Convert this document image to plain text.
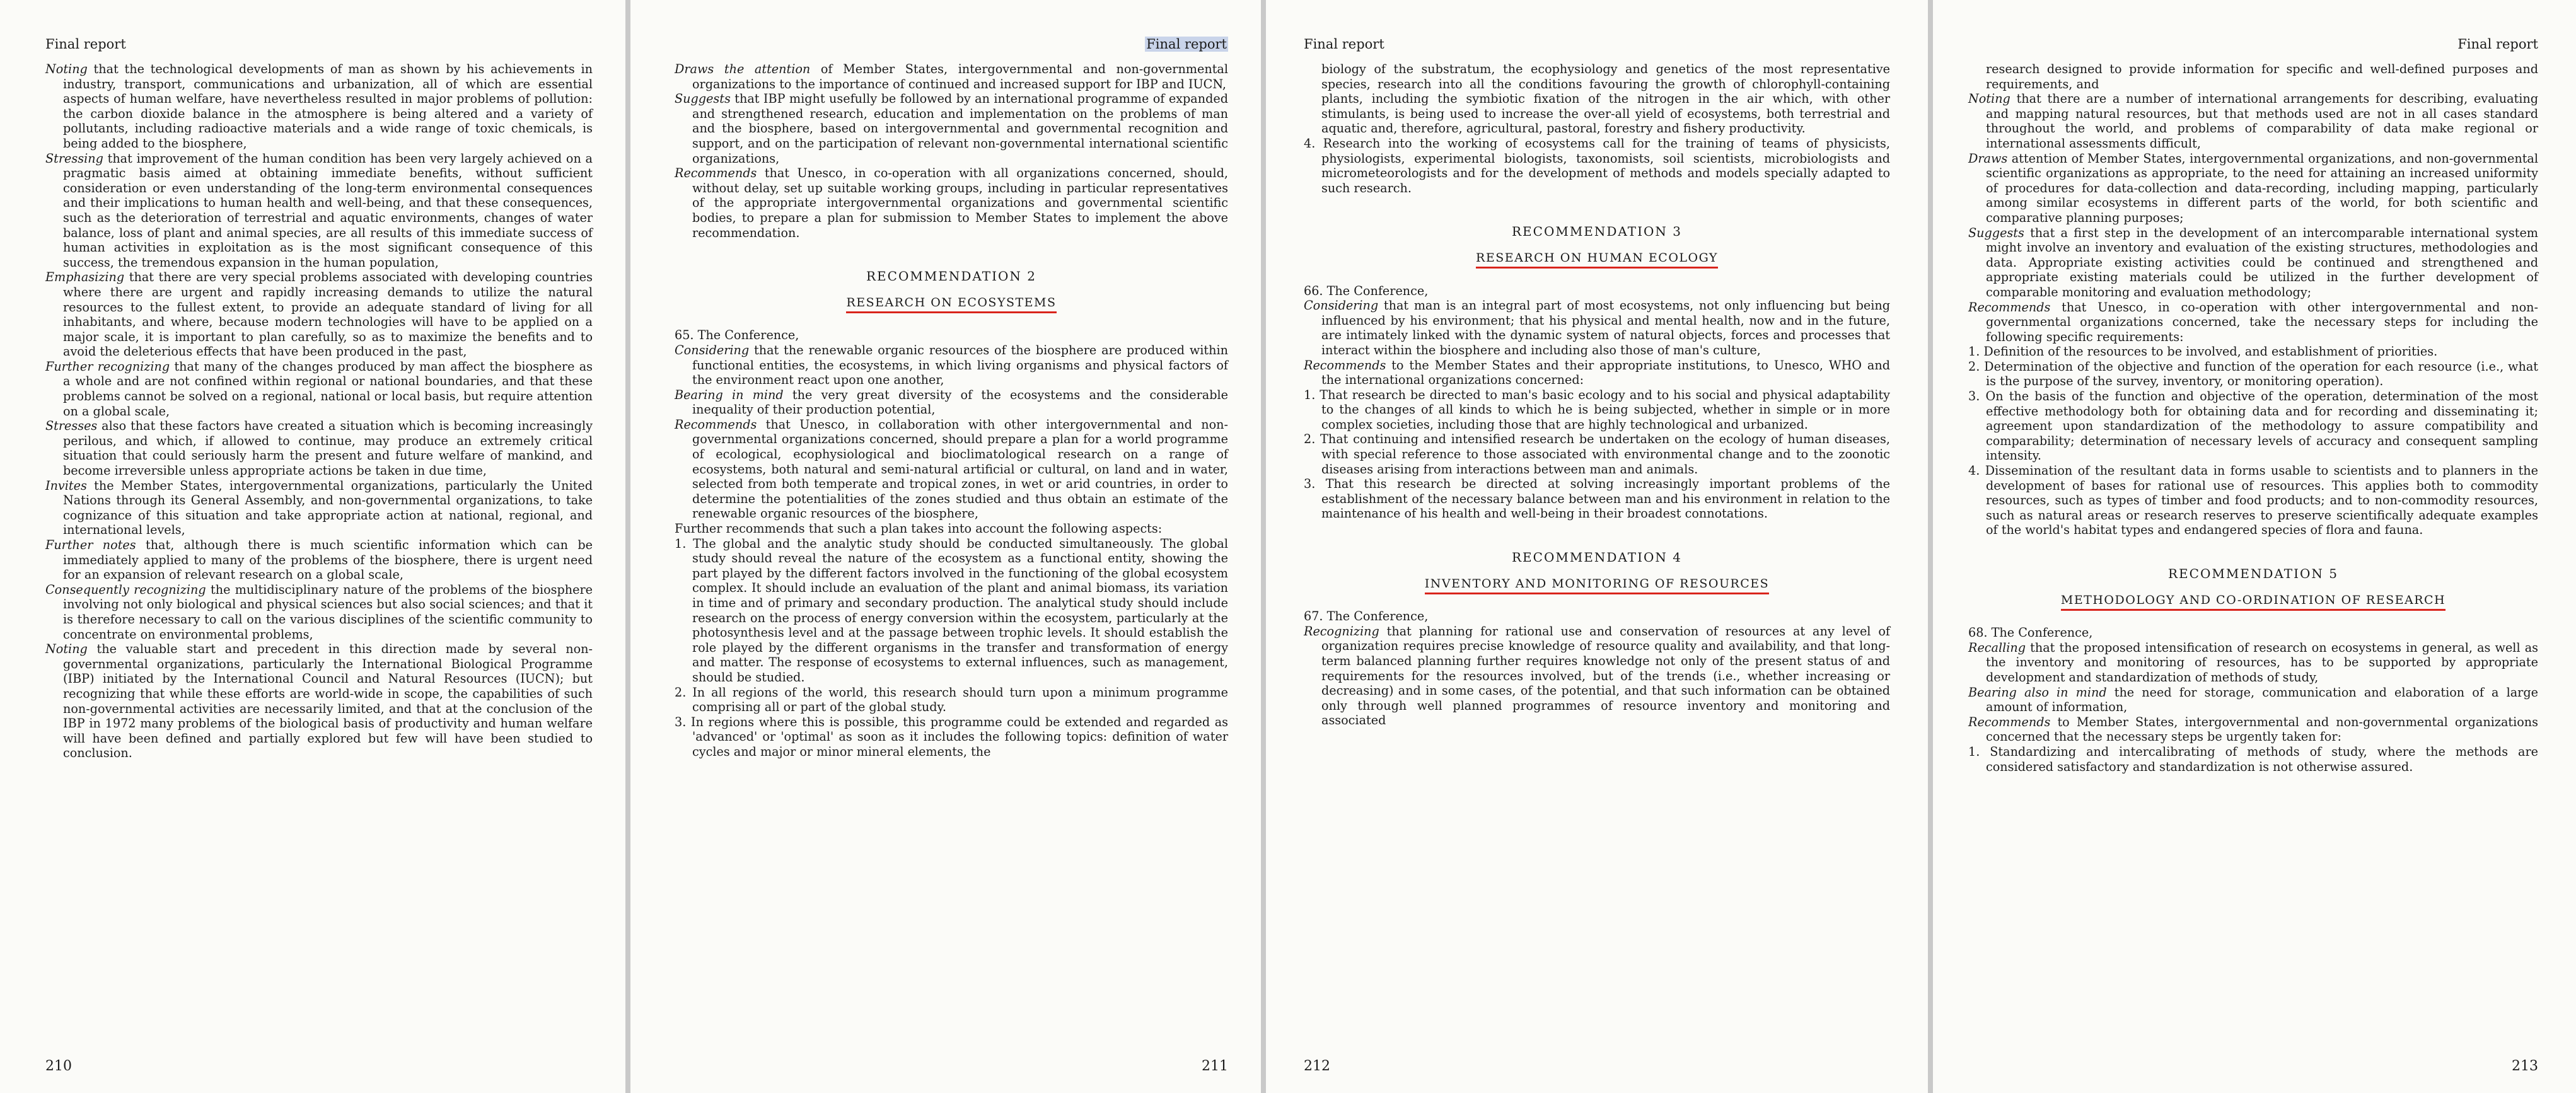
Final report

Noting that the technological developments of man as shown by his achievements in industry, transport, communications and urbanization, all of which are essential aspects of human welfare, have nevertheless resulted in major problems of pollution: the carbon dioxide balance in the atmosphere is being altered and a variety of pollutants, including radioactive materials and a wide range of toxic chemicals, is being added to the biosphere,

Stressing that improvement of the human condition has been very largely achieved on a pragmatic basis aimed at obtaining immediate benefits, without sufficient consideration or even understanding of the long-term environmental consequences and their implications to human health and well-being, and that these consequences, such as the deterioration of terrestrial and aquatic environments, changes of water balance, loss of plant and animal species, are all results of this immediate success of human activities in exploitation as is the most significant consequence of this success, the tremendous expansion in the human population,

Emphasizing that there are very special problems associated with developing countries where there are urgent and rapidly increasing demands to utilize the natural resources to the fullest extent, to provide an adequate standard of living for all inhabitants, and where, because modern technologies will have to be applied on a major scale, it is important to plan carefully, so as to maximize the benefits and to avoid the deleterious effects that have been produced in the past,

Further recognizing that many of the changes produced by man affect the biosphere as a whole and are not confined within regional or national boundaries, and that these problems cannot be solved on a regional, national or local basis, but require attention on a global scale,

Stresses also that these factors have created a situation which is becoming increasingly perilous, and which, if allowed to continue, may produce an extremely critical situation that could seriously harm the present and future welfare of mankind, and become irreversible unless appropriate actions be taken in due time,

Invites the Member States, intergovernmental organizations, particularly the United Nations through its General Assembly, and non-governmental organizations, to take cognizance of this situation and take appropriate action at national, regional, and international levels,

Further notes that, although there is much scientific information which can be immediately applied to many of the problems of the biosphere, there is urgent need for an expansion of relevant research on a global scale,

Consequently recognizing the multidisciplinary nature of the problems of the biosphere involving not only biological and physical sciences but also social sciences; and that it is therefore necessary to call on the various disciplines of the scientific community to concentrate on environmental problems,

Noting the valuable start and precedent in this direction made by several non-governmental organizations, particularly the International Biological Programme (IBP) initiated by the International Council and Natural Resources (IUCN); but recognizing that while these efforts are world-wide in scope, the capabilities of such non-governmental activities are necessarily limited, and that at the conclusion of the IBP in 1972 many problems of the biological basis of productivity and human welfare will have been defined and partially explored but few will have been studied to conclusion.

210
Final report

Draws the attention of Member States, intergovernmental and non-governmental organizations to the importance of continued and increased support for IBP and IUCN,

Suggests that IBP might usefully be followed by an international programme of expanded and strengthened research, education and implementation on the problems of man and the biosphere, based on intergovernmental and governmental recognition and support, and on the participation of relevant non-governmental international scientific organizations,

Recommends that Unesco, in co-operation with all organizations concerned, should, without delay, set up suitable working groups, including in particular representatives of the appropriate intergovernmental organizations and governmental scientific bodies, to prepare a plan for submission to Member States to implement the above recommendation.

RECOMMENDATION 2
RESEARCH ON ECOSYSTEMS

65. The Conference,

Considering that the renewable organic resources of the biosphere are produced within functional entities, the ecosystems, in which living organisms and physical factors of the environment react upon one another,

Bearing in mind the very great diversity of the ecosystems and the considerable inequality of their production potential,

Recommends that Unesco, in collaboration with other intergovernmental and non-governmental organizations concerned, should prepare a plan for a world programme of ecological, ecophysiological and bioclimatological research on a range of ecosystems, both natural and semi-natural artificial or cultural, on land and in water, selected from both temperate and tropical zones, in wet or arid countries, in order to determine the potentialities of the zones studied and thus obtain an estimate of the renewable organic resources of the biosphere,

Further recommends that such a plan takes into account the following aspects:

1. The global and the analytic study should be conducted simultaneously. The global study should reveal the nature of the ecosystem as a functional entity, showing the part played by the different factors involved in the functioning of the global ecosystem complex. It should include an evaluation of the plant and animal biomass, its variation in time and of primary and secondary production. The analytical study should include research on the process of energy conversion within the ecosystem, particularly at the photosynthesis level and at the passage between trophic levels. It should establish the role played by the different organisms in the transfer and transformation of energy and matter. The response of ecosystems to external influences, such as management, should be studied.

2. In all regions of the world, this research should turn upon a minimum programme comprising all or part of the global study.

3. In regions where this is possible, this programme could be extended and regarded as 'advanced' or 'optimal' as soon as it includes the following topics: definition of water cycles and major or minor mineral elements, the

211
Final report

biology of the substratum, the ecophysiology and genetics of the most representative species, research into all the conditions favouring the growth of chlorophyll-containing plants, including the symbiotic fixation of the nitrogen in the air which, with other stimulants, is being used to increase the over-all yield of ecosystems, both terrestrial and aquatic and, therefore, agricultural, pastoral, forestry and fishery productivity.

4. Research into the working of ecosystems call for the training of teams of physicists, physiologists, experimental biologists, taxonomists, soil scientists, microbiologists and micrometeorologists and for the development of methods and models specially adapted to such research.

RECOMMENDATION 3
RESEARCH ON HUMAN ECOLOGY

66. The Conference,

Considering that man is an integral part of most ecosystems, not only influencing but being influenced by his environment; that his physical and mental health, now and in the future, are intimately linked with the dynamic system of natural objects, forces and processes that interact within the biosphere and including also those of man's culture,

Recommends to the Member States and their appropriate institutions, to Unesco, WHO and the international organizations concerned:

1. That research be directed to man's basic ecology and to his social and physical adaptability to the changes of all kinds to which he is being subjected, whether in simple or in more complex societies, including those that are highly technological and urbanized.

2. That continuing and intensified research be undertaken on the ecology of human diseases, with special reference to those associated with environmental change and to the zoonotic diseases arising from interactions between man and animals.

3. That this research be directed at solving increasingly important problems of the establishment of the necessary balance between man and his environment in relation to the maintenance of his health and well-being in their broadest connotations.

RECOMMENDATION 4
INVENTORY AND MONITORING OF RESOURCES

67. The Conference,

Recognizing that planning for rational use and conservation of resources at any level of organization requires precise knowledge of resource quality and availability, and that long-term balanced planning further requires knowledge not only of the present status of and requirements for the resources involved, but of the trends (i.e., whether increasing or decreasing) and in some cases, of the potential, and that such information can be obtained only through well planned programmes of resource inventory and monitoring and associated

212
Final report

research designed to provide information for specific and well-defined purposes and requirements, and

Noting that there are a number of international arrangements for describing, evaluating and mapping natural resources, but that methods used are not in all cases standard throughout the world, and problems of comparability of data make regional or international assessments difficult,

Draws attention of Member States, intergovernmental organizations, and non-governmental scientific organizations as appropriate, to the need for attaining an increased uniformity of procedures for data-collection and data-recording, including mapping, particularly among similar ecosystems in different parts of the world, for both scientific and comparative planning purposes;

Suggests that a first step in the development of an intercomparable international system might involve an inventory and evaluation of the existing structures, methodologies and data. Appropriate existing activities could be continued and strengthened and appropriate existing materials could be utilized in the further development of comparable monitoring and evaluation methodology;

Recommends that Unesco, in co-operation with other intergovernmental and non-governmental organizations concerned, take the necessary steps for including the following specific requirements:

1. Definition of the resources to be involved, and establishment of priorities.

2. Determination of the objective and function of the operation for each resource (i.e., what is the purpose of the survey, inventory, or monitoring operation).

3. On the basis of the function and objective of the operation, determination of the most effective methodology both for obtaining data and for recording and disseminating it; agreement upon standardization of the methodology to assure compatibility and comparability; determination of necessary levels of accuracy and consequent sampling intensity.

4. Dissemination of the resultant data in forms usable to scientists and to planners in the development of bases for rational use of resources. This applies both to commodity resources, such as types of timber and food products; and to non-commodity resources, such as natural areas or research reserves to preserve scientifically adequate examples of the world's habitat types and endangered species of flora and fauna.

RECOMMENDATION 5
METHODOLOGY AND CO-ORDINATION OF RESEARCH

68. The Conference,

Recalling that the proposed intensification of research on ecosystems in general, as well as the inventory and monitoring of resources, has to be supported by appropriate development and standardization of methods of study,

Bearing also in mind the need for storage, communication and elaboration of a large amount of information,

Recommends to Member States, intergovernmental and non-governmental organizations concerned that the necessary steps be urgently taken for:

1. Standardizing and intercalibrating of methods of study, where the methods are considered satisfactory and standardization is not otherwise assured.

213
